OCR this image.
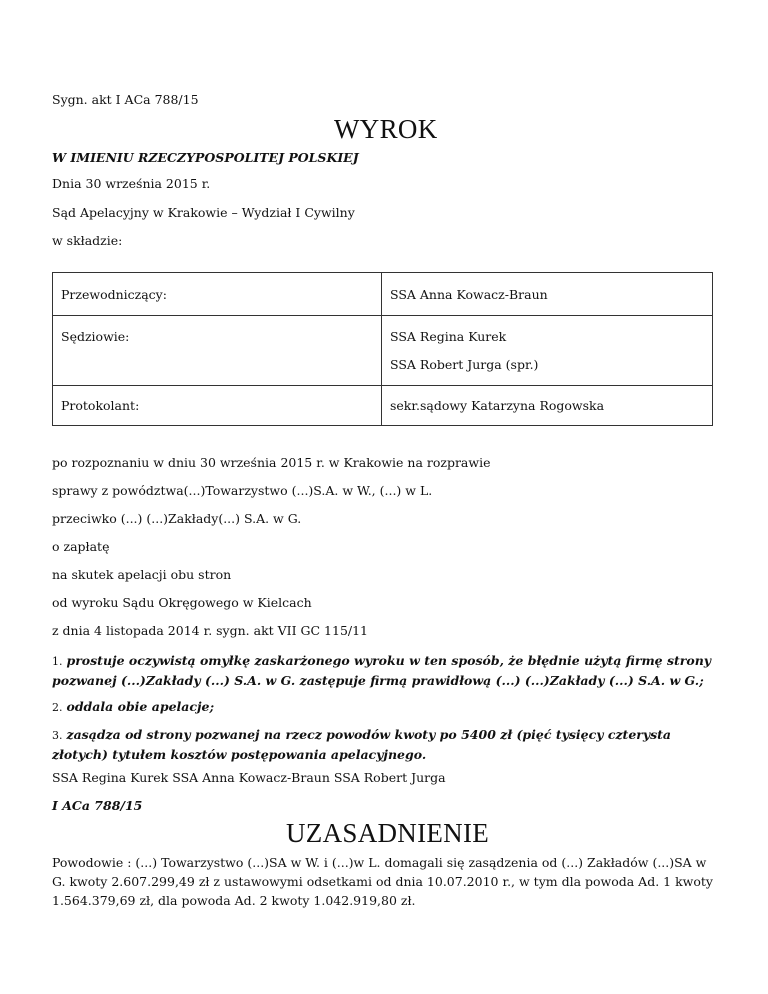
Sygn. akt I ACa 788/15
WYROK
W IMIENIU RZECZYPOSPOLITEJ POLSKIEJ
Dnia 30 września 2015 r.
Sąd Apelacyjny w Krakowie – Wydział I Cywilny
w składzie:
Przewodniczący:	SSA Anna Kowacz-Braun

Sędziowie:	SSA Regina Kurek
SSA Robert Jurga (spr.)

Protokolant:	sekr.sądowy Katarzyna Rogowska
po rozpoznaniu w dniu 30 września 2015 r. w Krakowie na rozprawie
sprawy z powództwa(...)Towarzystwo (...)S.A. w W., (...) w L.
przeciwko (...) (...)Zakłady(...) S.A. w G.
o zapłatę
na skutek apelacji obu stron
od wyroku Sądu Okręgowego w Kielcach
z dnia 4 listopada 2014 r. sygn. akt VII GC 115/11
1. prostuje oczywistą omyłkę zaskarżonego wyroku w ten sposób, że błędnie użytą firmę strony pozwanej (...)Zakłady (...) S.A. w G. zastępuje firmą prawidłową (...) (...)Zakłady (...) S.A. w G.;
2. oddala obie apelacje;
3. zasądza od strony pozwanej na rzecz powodów kwoty po 5400 zł (pięć tysięcy czterysta złotych) tytułem kosztów postępowania apelacyjnego.
SSA Regina Kurek SSA Anna Kowacz-Braun SSA Robert Jurga
I ACa 788/15
UZASADNIENIE
Powodowie : (...) Towarzystwo (...)SA w W. i (...)w L. domagali się zasądzenia od (...) Zakładów (...)SA w G. kwoty 2.607.299,49 zł z ustawowymi odsetkami od dnia 10.07.2010 r., w tym dla powoda Ad. 1 kwoty 1.564.379,69 zł, dla powoda Ad. 2 kwoty 1.042.919,80 zł.
